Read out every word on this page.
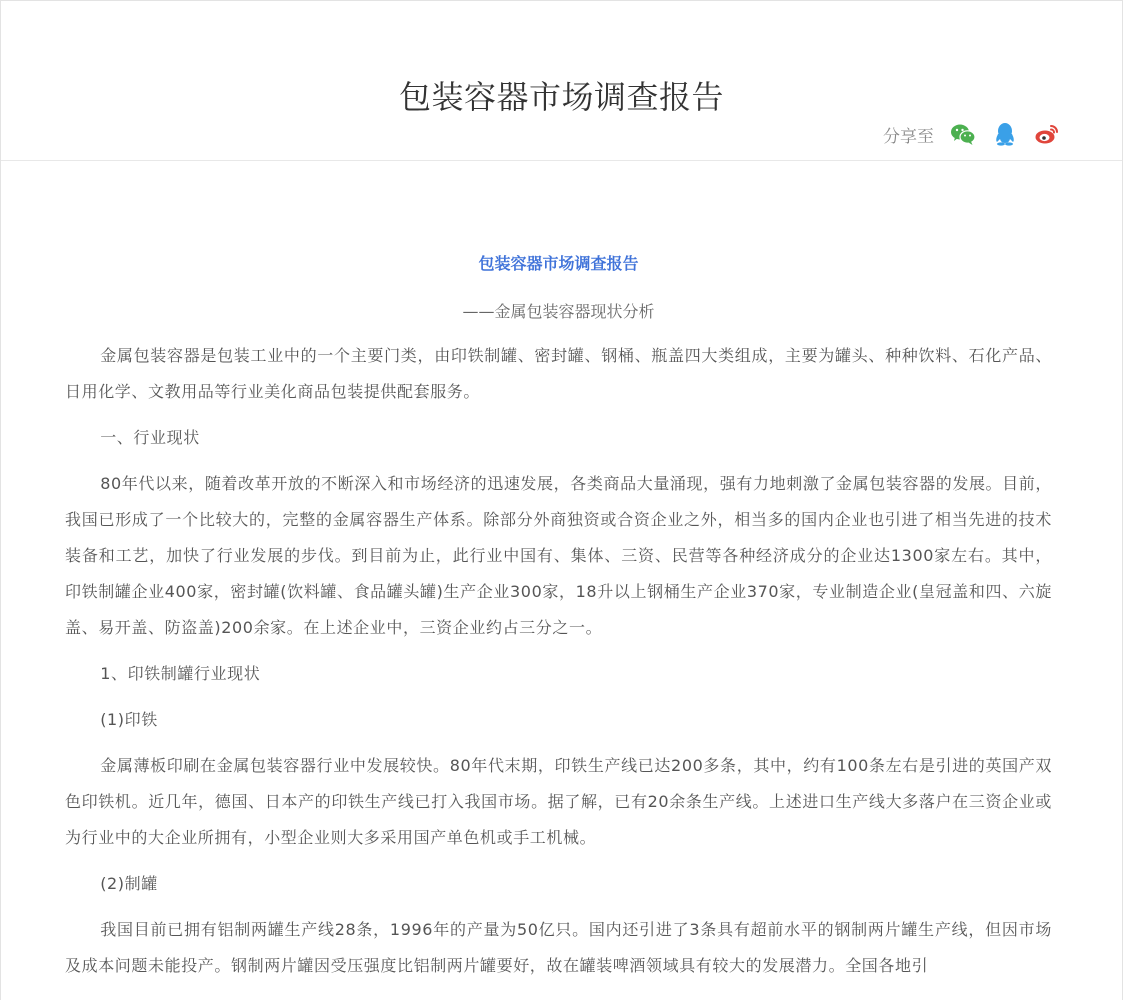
包装容器市场调查报告
分享至
包装容器市场调查报告
——金属包装容器现状分析

金属包装容器是包装工业中的一个主要门类，由印铁制罐、密封罐、钢桶、瓶盖四大类组成，主要为罐头、种种饮料、石化产品、日用化学、文教用品等行业美化商品包装提供配套服务。

一、行业现状

80年代以来，随着改革开放的不断深入和市场经济的迅速发展，各类商品大量涌现，强有力地刺激了金属包装容器的发展。目前，我国已形成了一个比较大的，完整的金属容器生产体系。除部分外商独资或合资企业之外，相当多的国内企业也引进了相当先进的技术装备和工艺，加快了行业发展的步伐。到目前为止，此行业中国有、集体、三资、民营等各种经济成分的企业达1300家左右。其中，印铁制罐企业400家，密封罐(饮料罐、食品罐头罐)生产企业300家，18升以上钢桶生产企业370家，专业制造企业(皇冠盖和四、六旋盖、易开盖、防盗盖)200余家。在上述企业中，三资企业约占三分之一。

1、印铁制罐行业现状

(1)印铁

金属薄板印刷在金属包装容器行业中发展较快。80年代末期，印铁生产线已达200多条，其中，约有100条左右是引进的英国产双色印铁机。近几年，德国、日本产的印铁生产线已打入我国市场。据了解，已有20余条生产线。上述进口生产线大多落户在三资企业或为行业中的大企业所拥有，小型企业则大多采用国产单色机或手工机械。

(2)制罐

我国目前已拥有铝制两罐生产线28条，1996年的产量为50亿只。国内还引进了3条具有超前水平的钢制两片罐生产线，但因市场及成本问题未能投产。钢制两片罐因受压强度比铝制两片罐要好，故在罐装啤酒领域具有较大的发展潜力。全国各地引
